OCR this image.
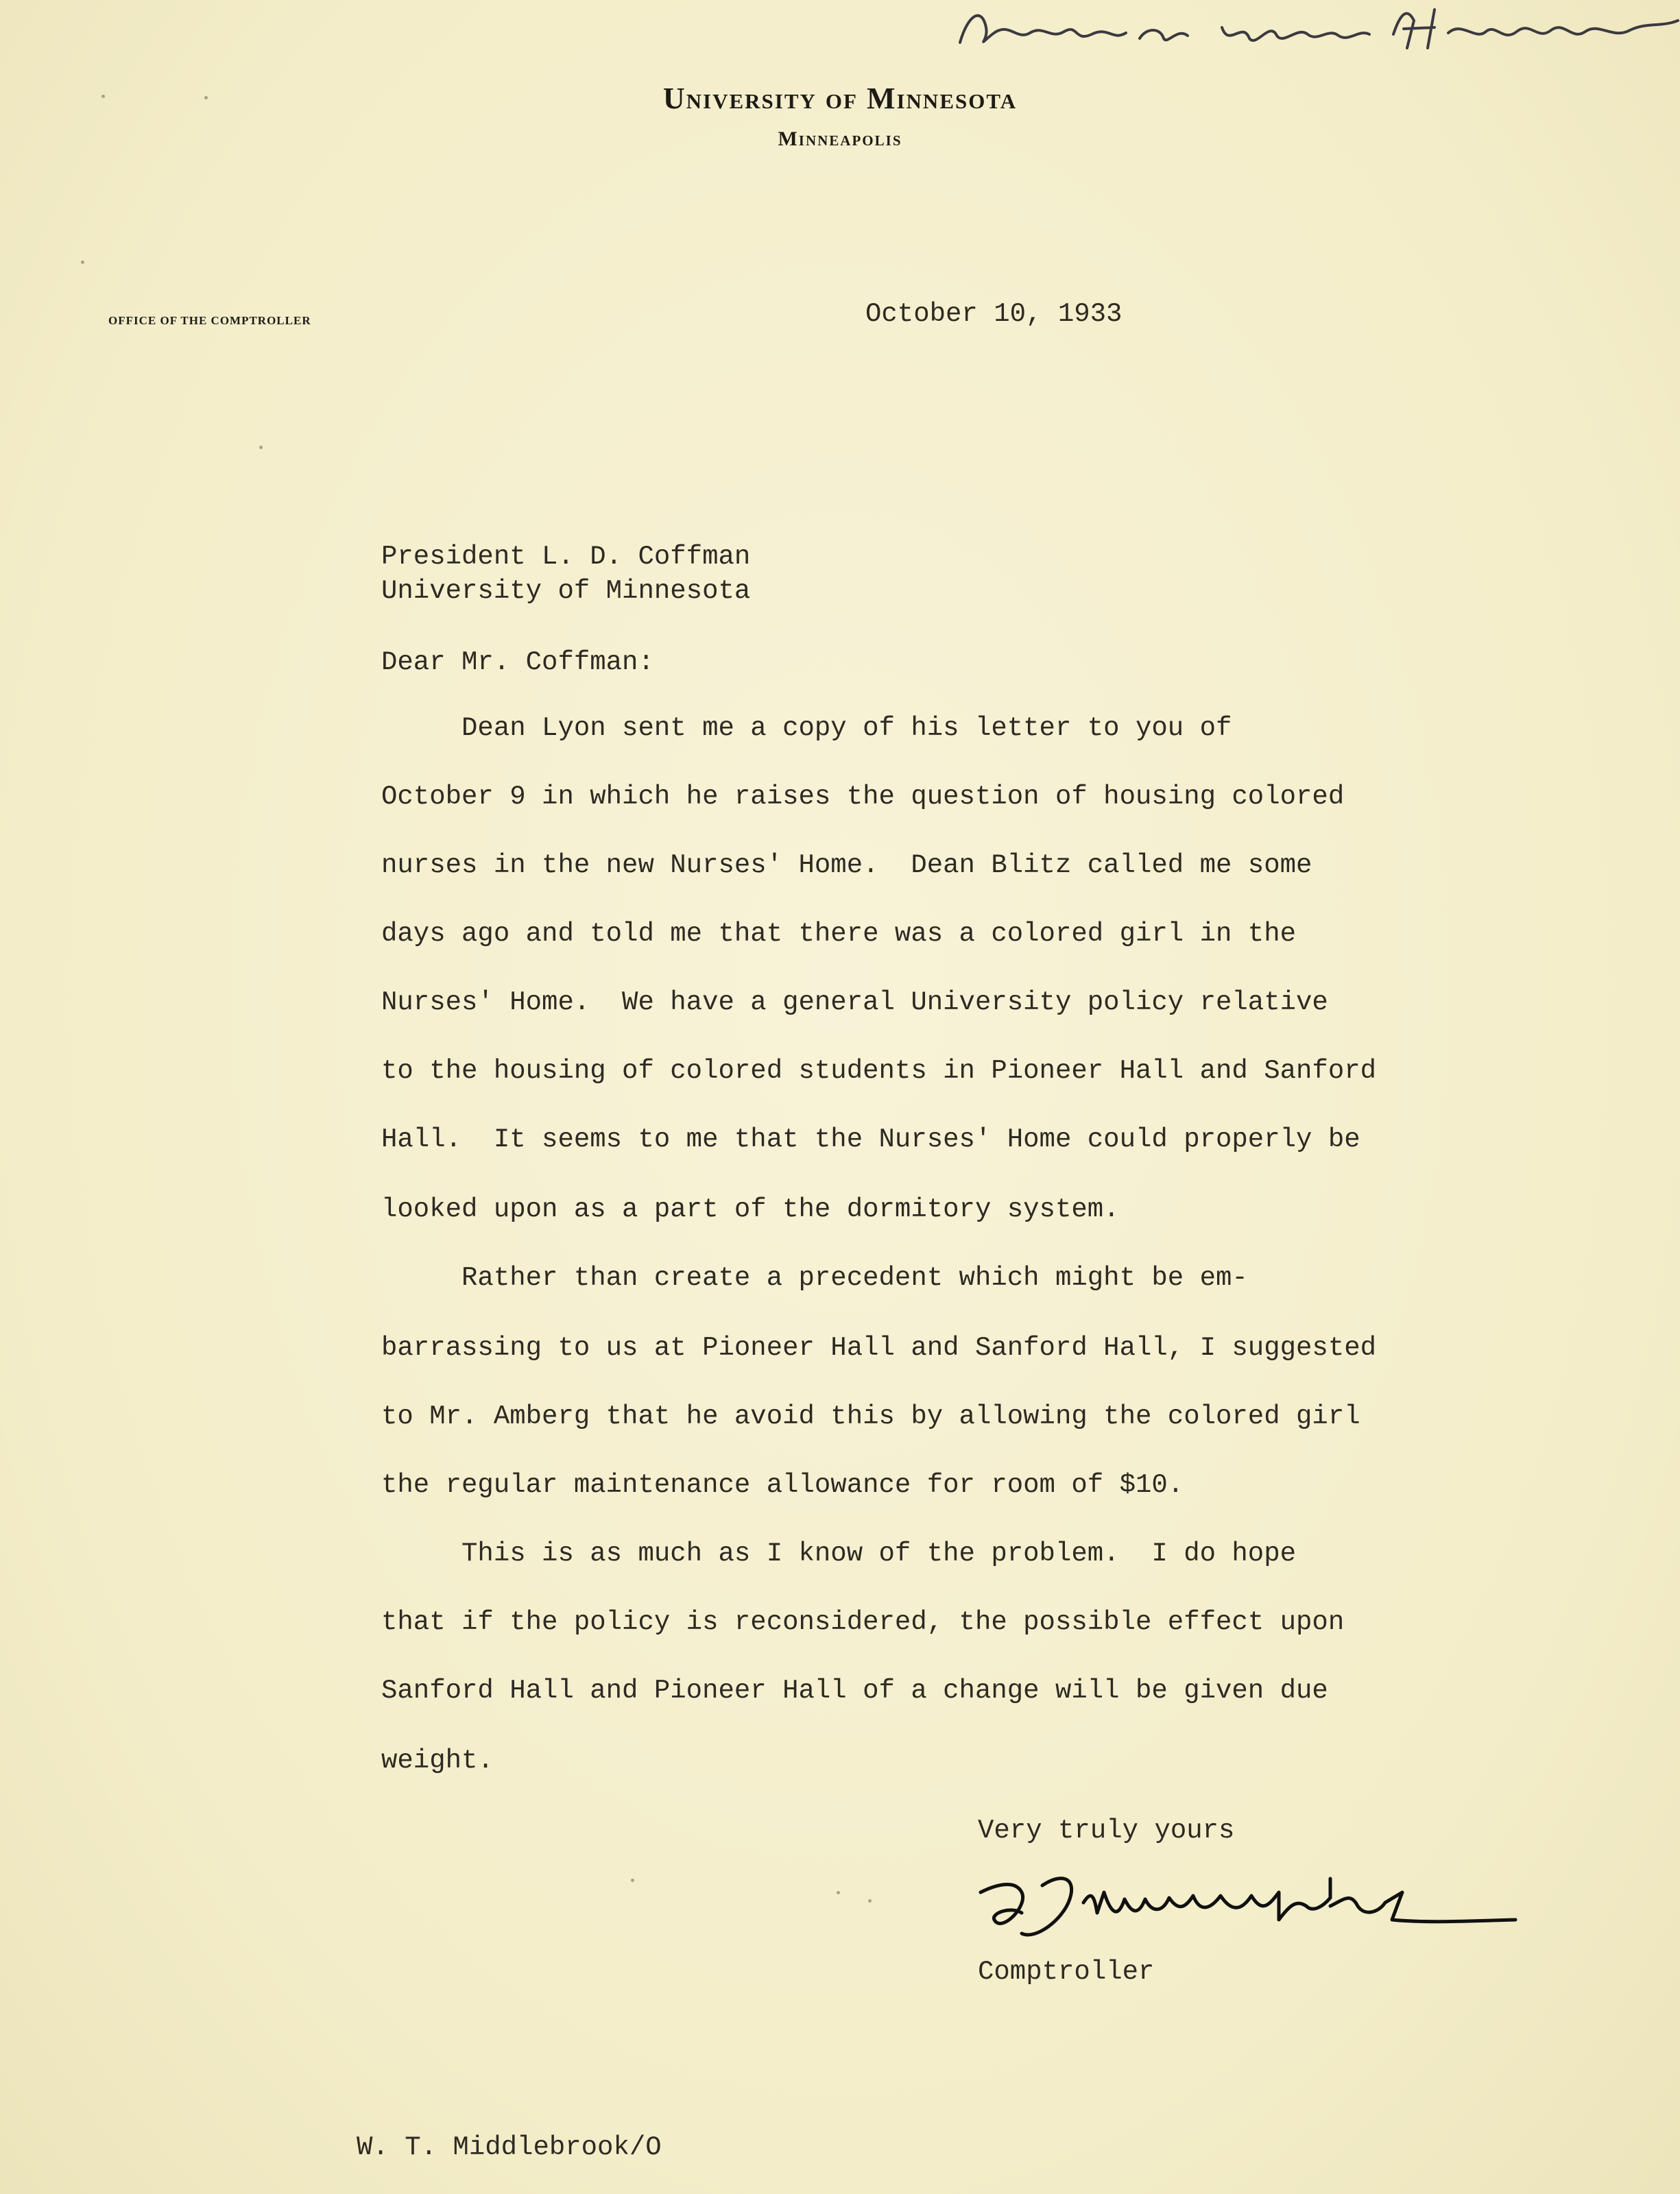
University of Minnesota
Minneapolis
OFFICE OF THE COMPTROLLER	October 10, 1933
President L. D. Coffman
University of Minnesota
Dear Mr. Coffman:
Dean Lyon sent me a copy of his letter to you of
October 9 in which he raises the question of housing colored
nurses in the new Nurses' Home.  Dean Blitz called me some
days ago and told me that there was a colored girl in the
Nurses' Home.  We have a general University policy relative
to the housing of colored students in Pioneer Hall and Sanford
Hall.  It seems to me that the Nurses' Home could properly be
looked upon as a part of the dormitory system.
Rather than create a precedent which might be em-
barrassing to us at Pioneer Hall and Sanford Hall, I suggested
to Mr. Amberg that he avoid this by allowing the colored girl
the regular maintenance allowance for room of $10.
This is as much as I know of the problem.  I do hope
that if the policy is reconsidered, the possible effect upon
Sanford Hall and Pioneer Hall of a change will be given due
weight.
Very truly yours
Comptroller
W. T. Middlebrook/O
